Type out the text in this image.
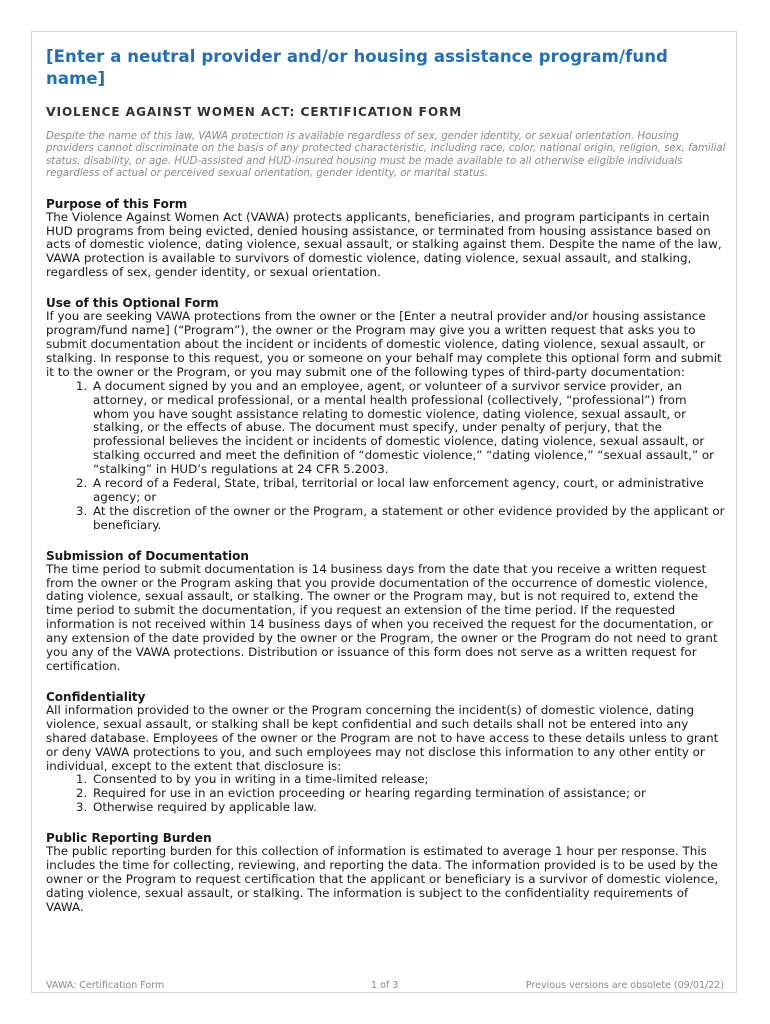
[Enter a neutral provider and/or housing assistance program/fund name]
VIOLENCE AGAINST WOMEN ACT: CERTIFICATION FORM

Despite the name of this law, VAWA protection is available regardless of sex, gender identity, or sexual orientation. Housing providers cannot discriminate on the basis of any protected characteristic, including race, color, national origin, religion, sex, familial status, disability, or age. HUD-assisted and HUD-insured housing must be made available to all otherwise eligible individuals regardless of actual or perceived sexual orientation, gender identity, or marital status.

Purpose of this Form

The Violence Against Women Act (VAWA) protects applicants, beneficiaries, and program participants in certain HUD programs from being evicted, denied housing assistance, or terminated from housing assistance based on acts of domestic violence, dating violence, sexual assault, or stalking against them. Despite the name of the law, VAWA protection is available to survivors of domestic violence, dating violence, sexual assault, and stalking, regardless of sex, gender identity, or sexual orientation.

Use of this Optional Form

If you are seeking VAWA protections from the owner or the [Enter a neutral provider and/or housing assistance program/fund name] (“Program”), the owner or the Program may give you a written request that asks you to submit documentation about the incident or incidents of domestic violence, dating violence, sexual assault, or stalking. In response to this request, you or someone on your behalf may complete this optional form and submit it to the owner or the Program, or you may submit one of the following types of third-party documentation:

1. A document signed by you and an employee, agent, or volunteer of a survivor service provider, an attorney, or medical professional, or a mental health professional (collectively, “professional”) from whom you have sought assistance relating to domestic violence, dating violence, sexual assault, or stalking, or the effects of abuse. The document must specify, under penalty of perjury, that the professional believes the incident or incidents of domestic violence, dating violence, sexual assault, or stalking occurred and meet the definition of “domestic violence,” “dating violence,” “sexual assault,” or “stalking” in HUD’s regulations at 24 CFR 5.2003.
2. A record of a Federal, State, tribal, territorial or local law enforcement agency, court, or administrative agency; or
3. At the discretion of the owner or the Program, a statement or other evidence provided by the applicant or beneficiary.
Submission of Documentation

The time period to submit documentation is 14 business days from the date that you receive a written request from the owner or the Program asking that you provide documentation of the occurrence of domestic violence, dating violence, sexual assault, or stalking. The owner or the Program may, but is not required to, extend the time period to submit the documentation, if you request an extension of the time period. If the requested information is not received within 14 business days of when you received the request for the documentation, or any extension of the date provided by the owner or the Program, the owner or the Program do not need to grant you any of the VAWA protections. Distribution or issuance of this form does not serve as a written request for certification.

Confidentiality

All information provided to the owner or the Program concerning the incident(s) of domestic violence, dating violence, sexual assault, or stalking shall be kept confidential and such details shall not be entered into any shared database. Employees of the owner or the Program are not to have access to these details unless to grant or deny VAWA protections to you, and such employees may not disclose this information to any other entity or individual, except to the extent that disclosure is:

1. Consented to by you in writing in a time-limited release;
2. Required for use in an eviction proceeding or hearing regarding termination of assistance; or
3. Otherwise required by applicable law.
Public Reporting Burden

The public reporting burden for this collection of information is estimated to average 1 hour per response. This includes the time for collecting, reviewing, and reporting the data. The information provided is to be used by the owner or the Program to request certification that the applicant or beneficiary is a survivor of domestic violence, dating violence, sexual assault, or stalking. The information is subject to the confidentiality requirements of VAWA.

VAWA: Certification Form	1 of 3	Previous versions are obsolete (09/01/22)
